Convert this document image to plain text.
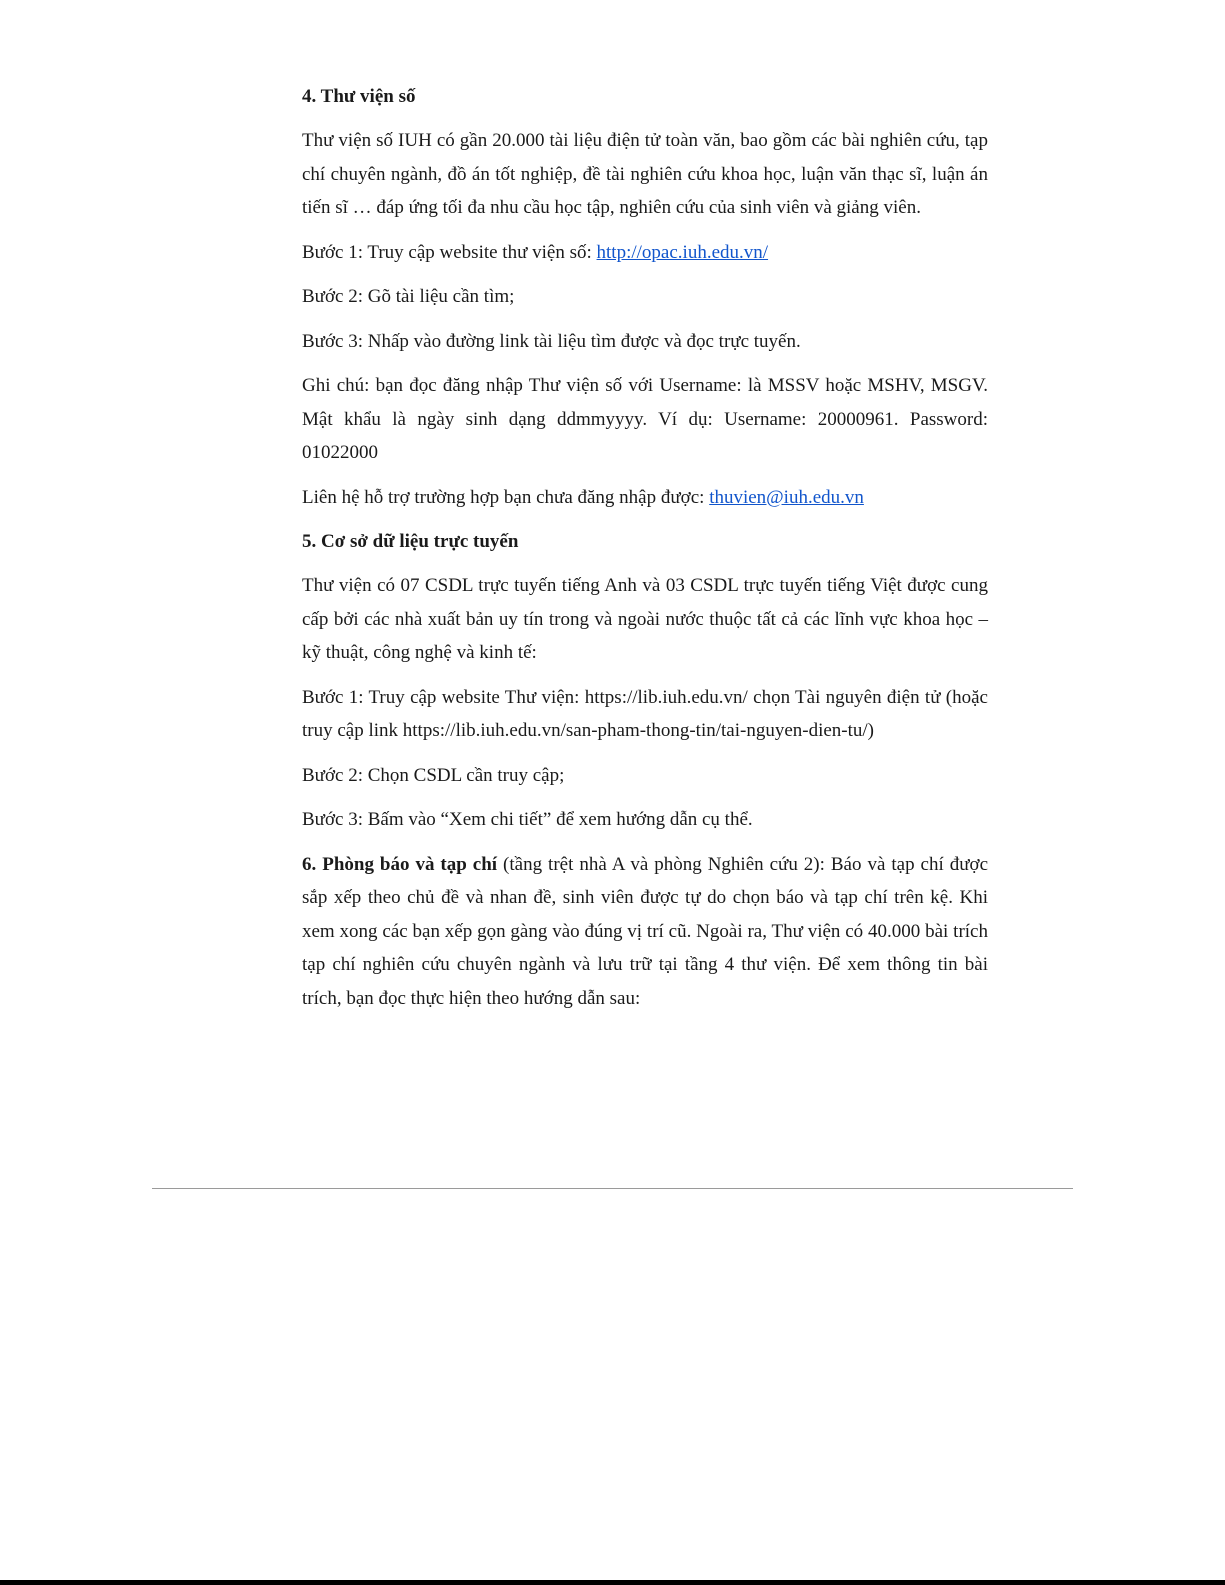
4. Thư viện số

Thư viện số IUH có gần 20.000 tài liệu điện tử toàn văn, bao gồm các bài nghiên cứu, tạp chí chuyên ngành, đồ án tốt nghiệp, đề tài nghiên cứu khoa học, luận văn thạc sĩ, luận án tiến sĩ … đáp ứng tối đa nhu cầu học tập, nghiên cứu của sinh viên và giảng viên.

Bước 1: Truy cập website thư viện số: http://opac.iuh.edu.vn/

Bước 2: Gõ tài liệu cần tìm;

Bước 3: Nhấp vào đường link tài liệu tìm được và đọc trực tuyến.

Ghi chú: bạn đọc đăng nhập Thư viện số với Username: là MSSV hoặc MSHV, MSGV. Mật khẩu là ngày sinh dạng ddmmyyyy. Ví dụ: Username: 20000961. Password: 01022000

Liên hệ hỗ trợ trường hợp bạn chưa đăng nhập được: thuvien@iuh.edu.vn

5. Cơ sở dữ liệu trực tuyến

Thư viện có 07 CSDL trực tuyến tiếng Anh và 03 CSDL trực tuyến tiếng Việt được cung cấp bởi các nhà xuất bản uy tín trong và ngoài nước thuộc tất cả các lĩnh vực khoa học – kỹ thuật, công nghệ và kinh tế:

Bước 1: Truy cập website Thư viện: https://lib.iuh.edu.vn/ chọn Tài nguyên điện tử (hoặc truy cập link https://lib.iuh.edu.vn/san-pham-thong-tin/tai-nguyen-dien-tu/)

Bước 2: Chọn CSDL cần truy cập;

Bước 3: Bấm vào “Xem chi tiết” để xem hướng dẫn cụ thể.

6. Phòng báo và tạp chí (tầng trệt nhà A và phòng Nghiên cứu 2): Báo và tạp chí được sắp xếp theo chủ đề và nhan đề, sinh viên được tự do chọn báo và tạp chí trên kệ. Khi xem xong các bạn xếp gọn gàng vào đúng vị trí cũ. Ngoài ra, Thư viện có 40.000 bài trích tạp chí nghiên cứu chuyên ngành và lưu trữ tại tầng 4 thư viện. Để xem thông tin bài trích, bạn đọc thực hiện theo hướng dẫn sau:
